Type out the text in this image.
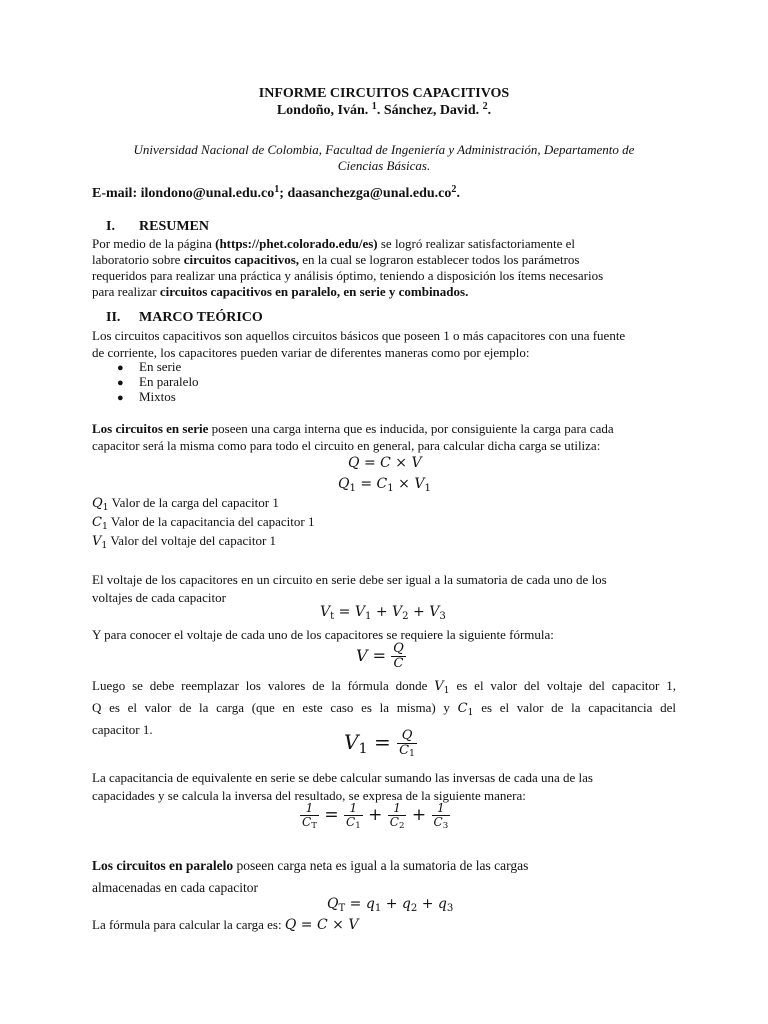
INFORME CIRCUITOS CAPACITIVOS
Londoño, Iván. $^1$. Sánchez, David. $^2$.
Universidad Nacional de Colombia, Facultad de Ingeniería y Administración, Departamento de
Ciencias Básicas.
E-mail: $ilondono@unal.edu.co^1$; $daasanchezga@unal.edu.co^2$.
I. RESUMEN
Por medio de la página (https://phet.colorado.edu/es) se logró realizar satisfactoriamente el
laboratorio sobre circuitos capacitivos, en la cual se lograron establecer todos los parámetros
requeridos para realizar una práctica y análisis óptimo, teniendo a disposición los ítems necesarios
para realizar circuitos capacitivos en paralelo, en serie y combinados.
II. MARCO TEÓRICO
Los circuitos capacitivos son aquellos circuitos básicos que poseen 1 o más capacitores con una fuente
de corriente, los capacitores pueden variar de diferentes maneras como por ejemplo:
● En serie
● En paralelo
● Mixtos
Los circuitos en serie poseen una carga interna que es inducida, por consiguiente la carga para cada
capacitor será la misma como para todo el circuito en general, para calcular dicha carga se utiliza:
Q = C × V
$Q_1 = C_1 \times V_1$
$Q_1$ Valor de la carga del capacitor 1
$C_1$ Valor de la capacitancia del capacitor 1
$V_1$ Valor del voltaje del capacitor 1
El voltaje de los capacitores en un circuito en serie debe ser igual a la sumatoria de cada uno de los
voltajes de cada capacitor
$V_t = V_1 + V_2 + V_3$
Y para conocer el voltaje de cada uno de los capacitores se requiere la siguiente fórmula:
$V = \frac{Q}{C}$
Luego se debe reemplazar los valores de la fórmula donde $V_1$ es el valor del voltaje del capacitor 1,
Q es el valor de la carga (que en este caso es la misma) y $C_1$ es el valor de la capacitancia del
capacitor 1.
$V_1 = \frac{Q}{C_1}$
La capacitancia de equivalente en serie se debe calcular sumando las inversas de cada una de las
capacidades y se calcula la inversa del resultado, se expresa de la siguiente manera:
$\frac{1}{C_T} = \frac{1}{C_1} + \frac{1}{C_2} + \frac{1}{C_3}$
Los circuitos en paralelo poseen carga neta es igual a la sumatoria de las cargas
almacenadas en cada capacitor
$Q_T = q_1 + q_2 + q_3$
La fórmula para calcular la carga es: Q = C × V
